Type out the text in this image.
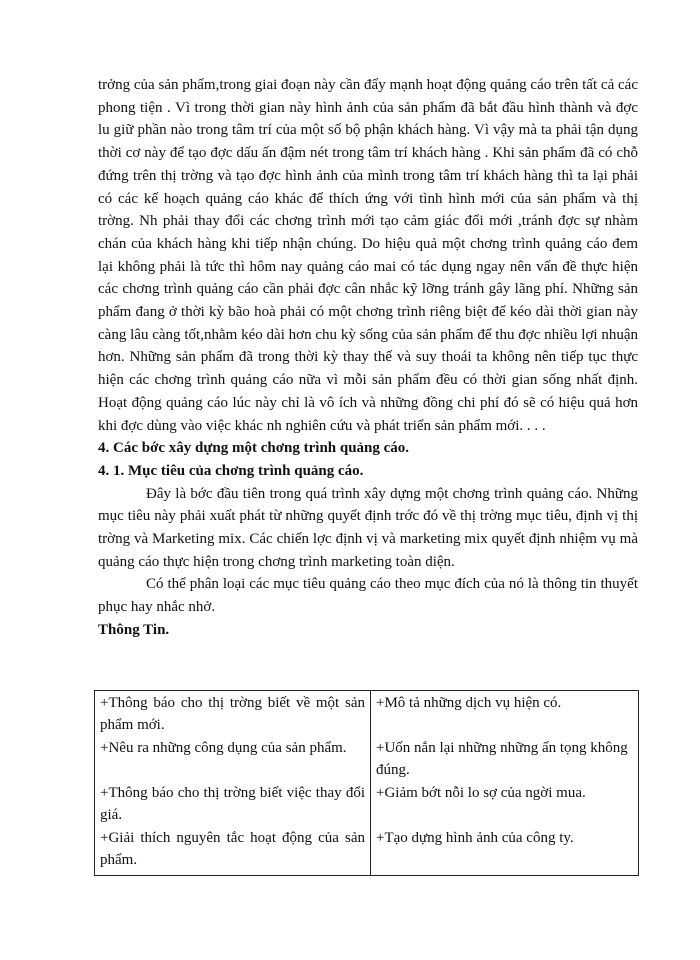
trởng của sản phẩm,trong giai đoạn này cần đẩy mạnh hoạt động quảng cáo trên tất cả các phong tiện . Vì trong thời gian này hình ảnh của sản phẩm đã bắt đầu hình thành và đợc lu giữ phần nào trong tâm trí của một số bộ phận khách hàng. Vì vậy mà ta phải tận dụng thời cơ này để tạo đợc dấu ấn đậm nét trong tâm trí khách hàng . Khi sản phẩm đã có chỗ đứng trên thị trờng và tạo đợc hình ảnh của mình trong tâm trí khách hàng thì ta lại phải có các kế hoạch quảng cáo khác để thích ứng với tình hình mới của sản phẩm và thị trờng. Nh phải thay đổi các chơng trình mới tạo cảm giác đổi mới ,tránh đợc sự nhàm chán của khách hàng khi tiếp nhận chúng. Do hiệu quả một chơng trình quảng cáo đem lại không phải là tức thì hôm nay quảng cáo mai có tác dụng ngay nên vấn đề thực hiện các chơng trình quảng cáo cần phải đợc cân nhắc kỹ lỡng tránh gây lãng phí. Những sản phẩm đang ở thời kỳ bão hoà phải có một chơng trình riêng biệt để kéo dài thời gian này càng lâu càng tốt,nhằm kéo dài hơn chu kỳ sống của sản phẩm để thu đợc nhiều lợi nhuận hơn. Những sản phẩm đã trong thời kỳ thay thế và suy thoái ta không nên tiếp tục thực hiện các chơng trình quảng cáo nữa vì mỗi sản phẩm đều có thời gian sống nhất định. Hoạt động quảng cáo lúc này chỉ là vô ích và những đồng chi phí đó sẽ có hiệu quả hơn khi đợc dùng vào việc khác nh nghiên cứu và phát triển sản phẩm mới. . . .

4. Các bớc xây dựng một chơng trình quảng cáo.

4. 1. Mục tiêu của chơng trình quảng cáo.

Đây là bớc đầu tiên trong quá trình xây dựng một chơng trình quảng cáo. Những mục tiêu này phải xuất phát từ những quyết định trớc đó về thị trờng mục tiêu, định vị thị trờng và Marketing mix. Các chiến lợc định vị và marketing mix quyết định nhiệm vụ mà quảng cáo thực hiện trong chơng trình marketing toàn diện.

Có thể phân loại các mục tiêu quảng cáo theo mục đích của nó là thông tin thuyết phục hay nhắc nhở.

Thông Tin.

+Thông báo cho thị trờng biết về một sản phẩm mới.	+Mô tả những dịch vụ hiện có.
+Nêu ra những công dụng của sản phẩm.	+Uốn nắn lại những những ấn tọng không đúng.
+Thông báo cho thị trờng biết việc thay đổi giá.	+Giảm bớt nỗi lo sợ của ngời mua.
+Giải thích nguyên tắc hoạt động của sản phẩm.	+Tạo dựng hình ảnh của công ty.
